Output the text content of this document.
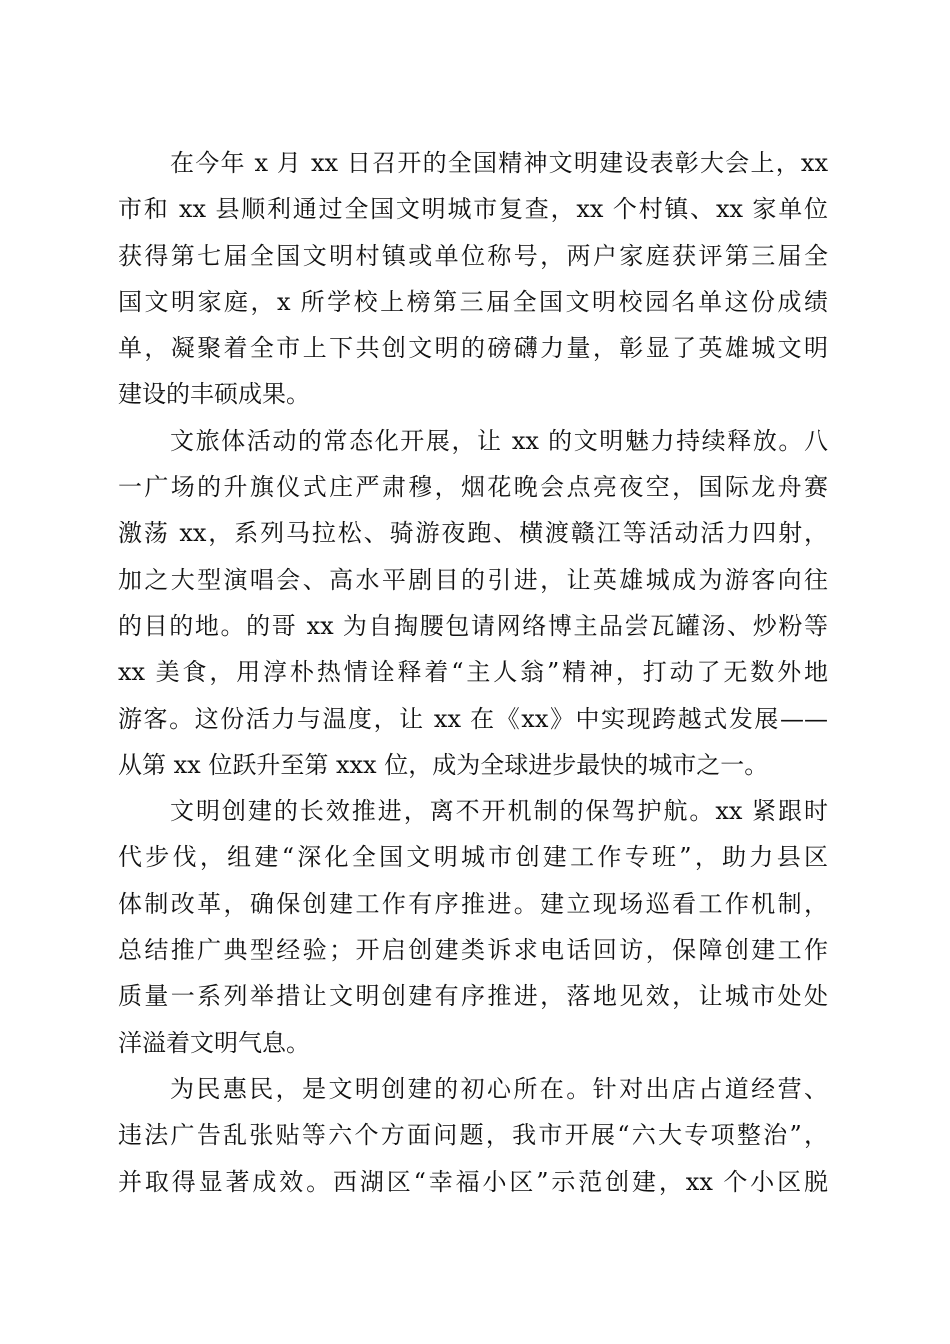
在今年 x 月 xx 日召开的全国精神文明建设表彰大会上，xx
市和 xx 县顺利通过全国文明城市复查，xx 个村镇、xx 家单位
获得第七届全国文明村镇或单位称号，两户家庭获评第三届全
国文明家庭，x 所学校上榜第三届全国文明校园名单这份成绩
单，凝聚着全市上下共创文明的磅礴力量，彰显了英雄城文明
建设的丰硕成果。
文旅体活动的常态化开展，让 xx 的文明魅力持续释放。八
一广场的升旗仪式庄严肃穆，烟花晚会点亮夜空，国际龙舟赛
激荡 xx，系列马拉松、骑游夜跑、横渡赣江等活动活力四射，
加之大型演唱会、高水平剧目的引进，让英雄城成为游客向往
的目的地。的哥 xx 为自掏腰包请网络博主品尝瓦罐汤、炒粉等
xx 美食，用淳朴热情诠释着“主人翁”精神，打动了无数外地
游客。这份活力与温度，让 xx 在《xx》中实现跨越式发展——
从第 xx 位跃升至第 xxx 位，成为全球进步最快的城市之一。
文明创建的长效推进，离不开机制的保驾护航。xx 紧跟时
代步伐，组建“深化全国文明城市创建工作专班”，助力县区
体制改革，确保创建工作有序推进。建立现场巡看工作机制，
总结推广典型经验；开启创建类诉求电话回访，保障创建工作
质量一系列举措让文明创建有序推进，落地见效，让城市处处
洋溢着文明气息。
为民惠民，是文明创建的初心所在。针对出店占道经营、
违法广告乱张贴等六个方面问题，我市开展“六大专项整治”，
并取得显著成效。西湖区“幸福小区”示范创建，xx 个小区脱
